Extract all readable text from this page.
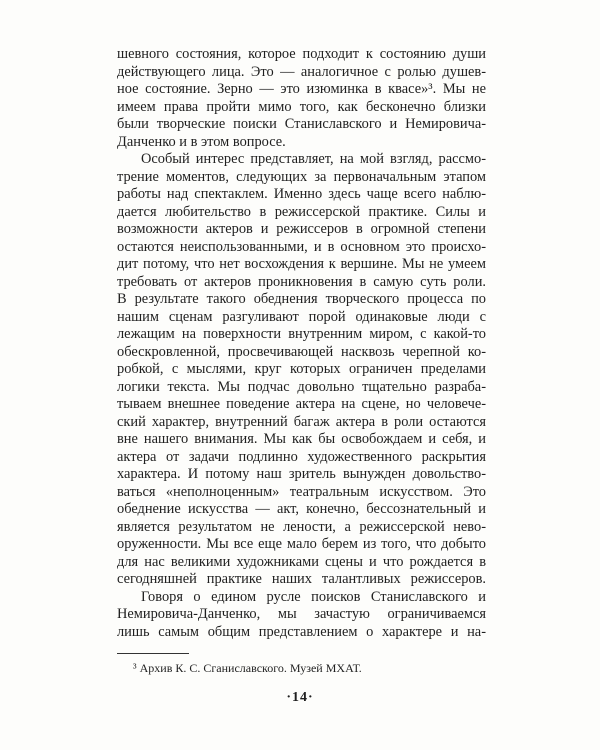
шевного состояния, которое подходит к состоянию души
действующего лица. Это — аналогичное с ролью душев-
ное состояние. Зерно — это изюминка в квасе»³. Мы не
имеем права пройти мимо того, как бесконечно близки
были творческие поиски Станиславского и Немировича-
Данченко и в этом вопросе.
Особый интерес представляет, на мой взгляд, рассмо-
трение моментов, следующих за первоначальным этапом
работы над спектаклем. Именно здесь чаще всего наблю-
дается любительство в режиссерской практике. Силы и
возможности актеров и режиссеров в огромной степени
остаются неиспользованными, и в основном это происхо-
дит потому, что нет восхождения к вершине. Мы не умеем
требовать от актеров проникновения в самую суть роли.
В результате такого обеднения творческого процесса по
нашим сценам разгуливают порой одинаковые люди с
лежащим на поверхности внутренним миром, с какой-то
обескровленной, просвечивающей насквозь черепной ко-
робкой, с мыслями, круг которых ограничен пределами
логики текста. Мы подчас довольно тщательно разраба-
тываем внешнее поведение актера на сцене, но человече-
ский характер, внутренний багаж актера в роли остаются
вне нашего внимания. Мы как бы освобождаем и себя, и
актера от задачи подлинно художественного раскрытия
характера. И потому наш зритель вынужден довольство-
ваться «неполноценным» театральным искусством. Это
обеднение искусства — акт, конечно, бессознательный и
является результатом не лености, а режиссерской нево-
оруженности. Мы все еще мало берем из того, что добыто
для нас великими художниками сцены и что рождается в
сегодняшней практике наших талантливых режиссеров.
Говоря о едином русле поисков Станиславского и
Немировича-Данченко, мы зачастую ограничиваемся
лишь самым общим представлением о характере и на-
³ Архив К. С. Сганиславского. Музей МХАТ.
·14·
